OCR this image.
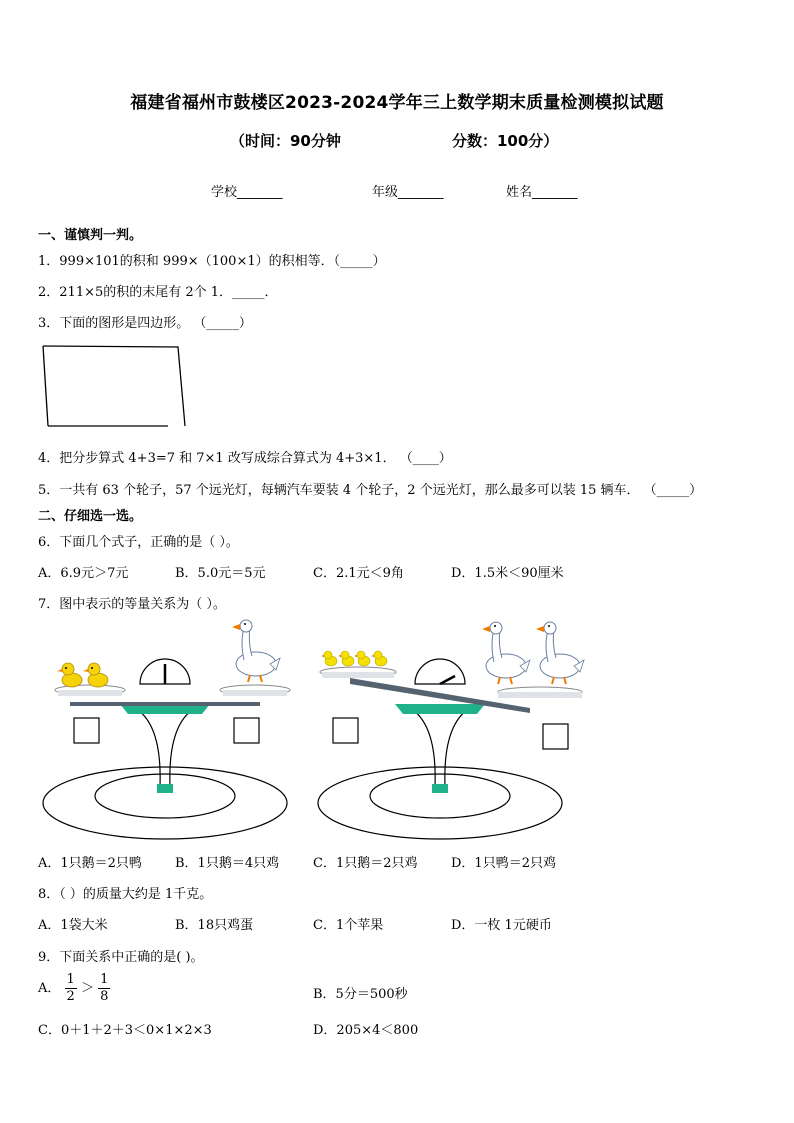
福建省福州市鼓楼区2023-2024学年三上数学期末质量检测模拟试题
（时间：90分钟	分数：100分）
学校_______	年级_______	姓名_______
一、谨慎判一判。
1．999×101的积和 999×（100×1）的积相等．（_____）
2．211×5的积的末尾有 2个 1．_____．
3．下面的图形是四边形。 （_____）
4．把分步算式 4+3=7 和 7×1 改写成综合算式为 4+3×1． （____）
5．一共有 63 个轮子，57 个远光灯，每辆汽车要装 4 个轮子，2 个远光灯，那么最多可以装 15 辆车． （_____）
二、仔细选一选。
6．下面几个式子，正确的是（ ）。
A．6.9元＞7元	B．5.0元＝5元	C．2.1元＜9角	D．1.5米＜90厘米
7．图中表示的等量关系为（ ）。
A．1只鹅＝2只鸭	B．1只鹅＝4只鸡	C．1只鹅＝2只鸡	D．1只鸭＝2只鸡
8．（ ）的质量大约是 1千克。
A．1袋大米	B．18只鸡蛋	C．1个苹果	D．一枚 1元硬币
9．下面关系中正确的是( )。
A． $\frac{1}{2} > \frac{1}{8}$	B．5分＝500秒
C．0＋1＋2＋3＜0×1×2×3	D．205×4＜800
